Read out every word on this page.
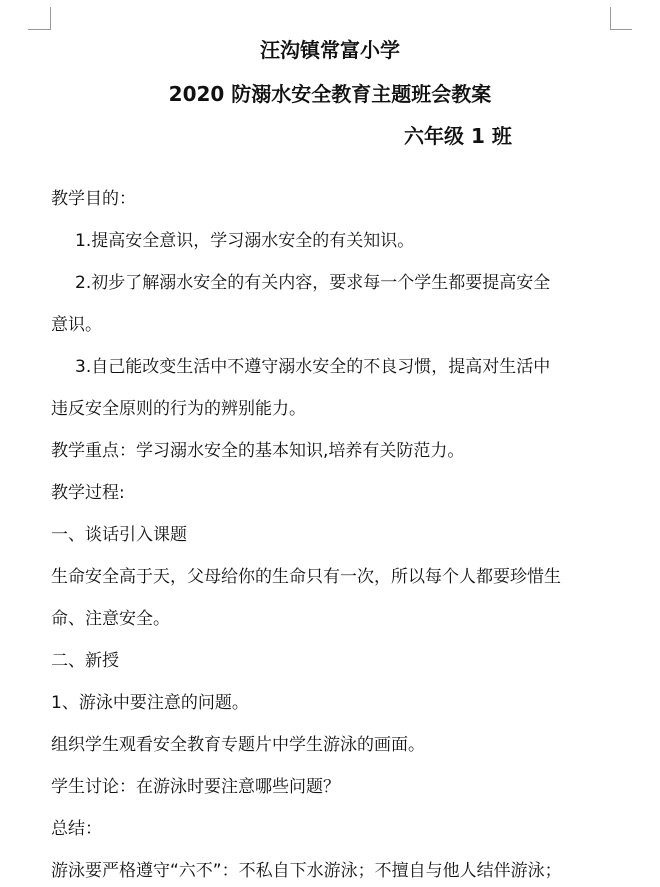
汪沟镇常富小学
2020 防溺水安全教育主题班会教案
六年级 1 班
教学目的：
1.提高安全意识，学习溺水安全的有关知识。
2.初步了解溺水安全的有关内容，要求每一个学生都要提高安全
意识。
3.自己能改变生活中不遵守溺水安全的不良习惯，提高对生活中
违反安全原则的行为的辨别能力。
教学重点：学习溺水安全的基本知识,培养有关防范力。
教学过程:
一、谈话引入课题
生命安全高于天，父母给你的生命只有一次，所以每个人都要珍惜生
命、注意安全。
二、新授
1、游泳中要注意的问题。
组织学生观看安全教育专题片中学生游泳的画面。
学生讨论：在游泳时要注意哪些问题？
总结：
游泳要严格遵守“六不”：不私自下水游泳；不擅自与他人结伴游泳；
